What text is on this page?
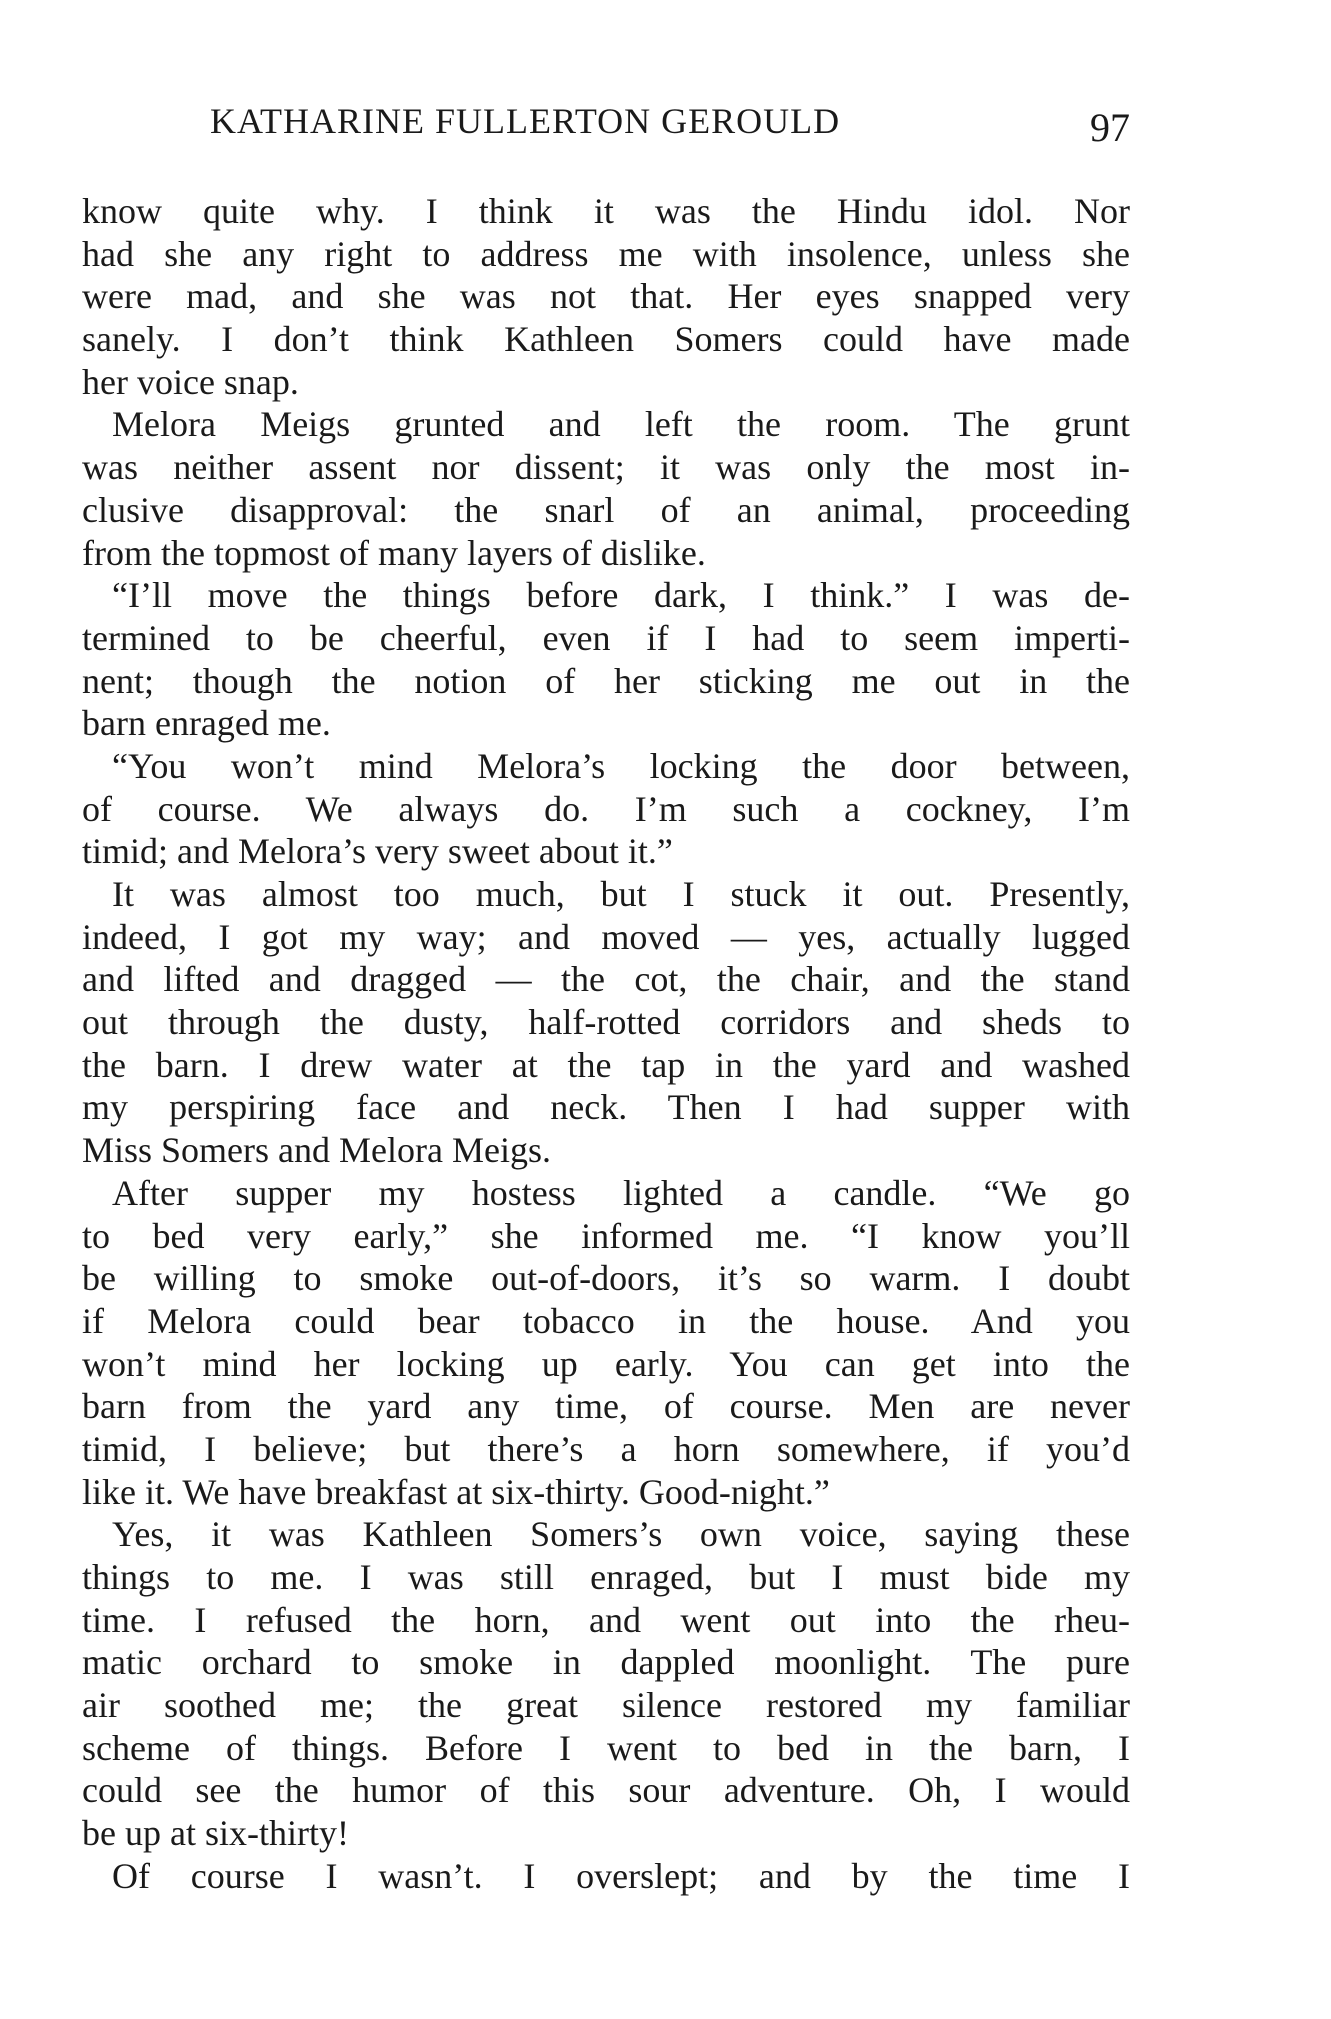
KATHARINE FULLERTON GEROULD	97
know quite why. I think it was the Hindu idol. Nor
had she any right to address me with insolence, unless she
were mad, and she was not that. Her eyes snapped very
sanely. I don’t think Kathleen Somers could have made
her voice snap.
Melora Meigs grunted and left the room. The grunt
was neither assent nor dissent; it was only the most in-
clusive disapproval: the snarl of an animal, proceeding
from the topmost of many layers of dislike.
“I’ll move the things before dark, I think.” I was de-
termined to be cheerful, even if I had to seem imperti-
nent; though the notion of her sticking me out in the
barn enraged me.
“You won’t mind Melora’s locking the door between,
of course. We always do. I’m such a cockney, I’m
timid; and Melora’s very sweet about it.”
It was almost too much, but I stuck it out. Presently,
indeed, I got my way; and moved — yes, actually lugged
and lifted and dragged — the cot, the chair, and the stand
out through the dusty, half-rotted corridors and sheds to
the barn. I drew water at the tap in the yard and washed
my perspiring face and neck. Then I had supper with
Miss Somers and Melora Meigs.
After supper my hostess lighted a candle. “We go
to bed very early,” she informed me. “I know you’ll
be willing to smoke out-of-doors, it’s so warm. I doubt
if Melora could bear tobacco in the house. And you
won’t mind her locking up early. You can get into the
barn from the yard any time, of course. Men are never
timid, I believe; but there’s a horn somewhere, if you’d
like it. We have breakfast at six-thirty. Good-night.”
Yes, it was Kathleen Somers’s own voice, saying these
things to me. I was still enraged, but I must bide my
time. I refused the horn, and went out into the rheu-
matic orchard to smoke in dappled moonlight. The pure
air soothed me; the great silence restored my familiar
scheme of things. Before I went to bed in the barn, I
could see the humor of this sour adventure. Oh, I would
be up at six-thirty!
Of course I wasn’t. I overslept; and by the time I
